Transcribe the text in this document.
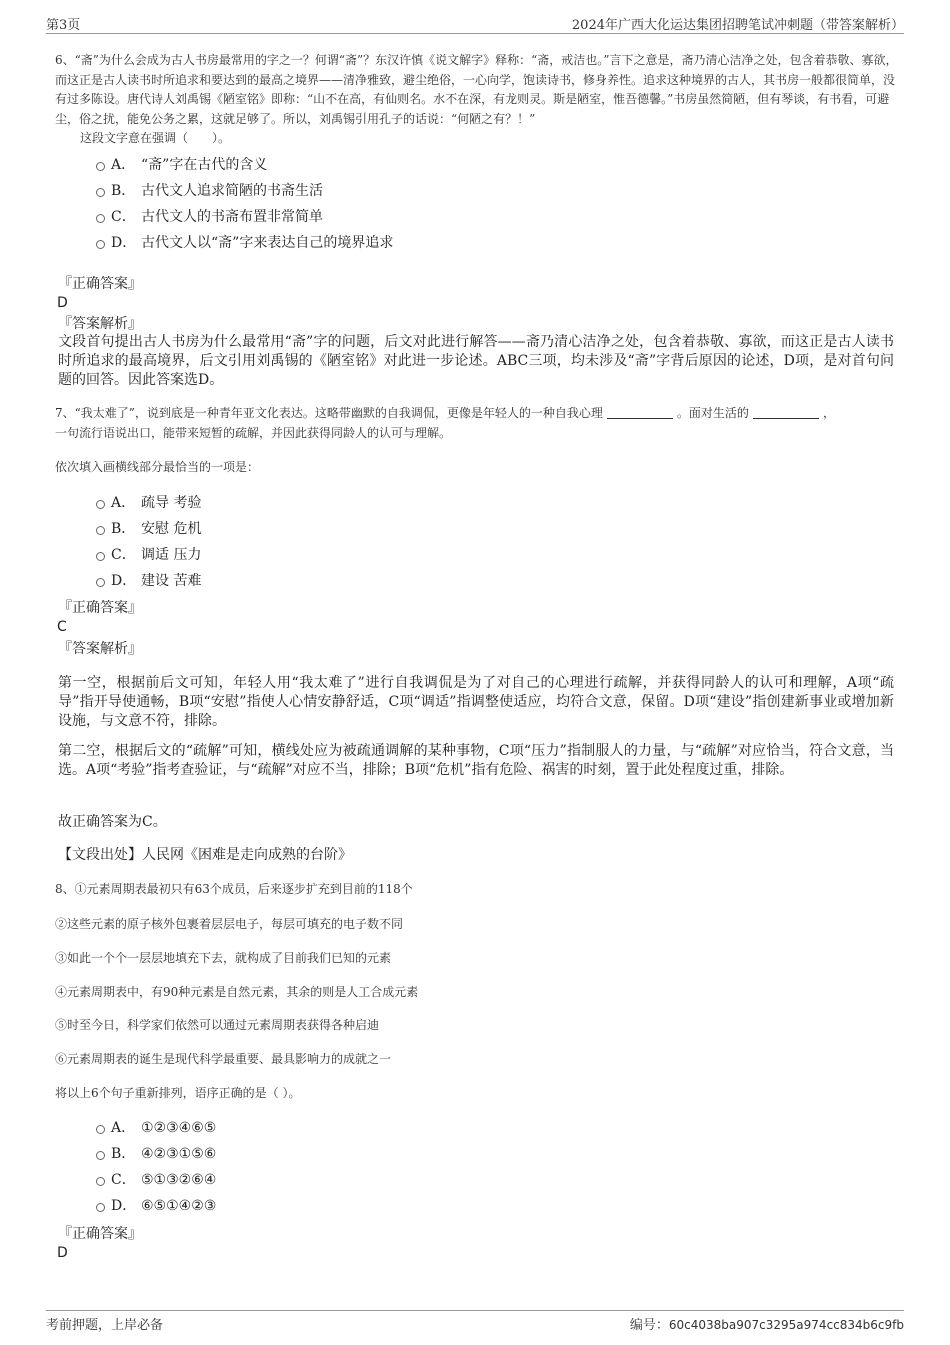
第3页	2024年广西大化运达集团招聘笔试冲刺题（带答案解析）
6、“斋”为什么会成为古人书房最常用的字之一？何谓“斋”？东汉许慎《说文解字》释称：“斋，戒洁也。”言下之意是，斋乃清心洁净之处，包含着恭敬、寡欲，而这正是古人读书时所追求和要达到的最高之境界——清净雅致，避尘绝俗，一心向学，饱读诗书，修身养性。追求这种境界的古人，其书房一般都很简单，没有过多陈设。唐代诗人刘禹锡《陋室铭》即称：“山不在高，有仙则名。水不在深，有龙则灵。斯是陋室，惟吾德馨。”书房虽然简陋，但有琴谈，有书看，可避尘，俗之扰，能免公务之累，这就足够了。所以，刘禹锡引用孔子的话说：“何陋之有？！”
这段文字意在强调（　　）。
A． “斋”字在古代的含义
B． 古代文人追求简陋的书斋生活
C． 古代文人的书斋布置非常简单
D． 古代文人以“斋”字来表达自己的境界追求
『正确答案』
D
『答案解析』
文段首句提出古人书房为什么最常用“斋”字的问题，后文对此进行解答——斋乃清心洁净之处，包含着恭敬、寡欲，而这正是古人读书时所追求的最高境界，后文引用刘禹锡的《陋室铭》对此进一步论述。ABC三项，均未涉及“斋”字背后原因的论述，D项，是对首句问题的回答。因此答案选D。
7、“我太难了”，说到底是一种青年亚文化表达。这略带幽默的自我调侃，更像是年轻人的一种自我心理	。面对生活的	，
一句流行语说出口，能带来短暂的疏解，并因此获得同龄人的认可与理解。
依次填入画横线部分最恰当的一项是：
A． 疏导 考验
B． 安慰 危机
C． 调适 压力
D． 建设 苦难
『正确答案』
C
『答案解析』
第一空，根据前后文可知，年轻人用“我太难了”进行自我调侃是为了对自己的心理进行疏解，并获得同龄人的认可和理解，A项“疏导”指开导使通畅，B项“安慰”指使人心情安静舒适，C项“调适”指调整使适应，均符合文意，保留。D项“建设”指创建新事业或增加新设施，与文意不符，排除。
第二空，根据后文的“疏解”可知，横线处应为被疏通调解的某种事物，C项“压力”指制服人的力量，与“疏解”对应恰当，符合文意，当选。A项“考验”指考查验证，与“疏解”对应不当，排除；B项“危机”指有危险、祸害的时刻，置于此处程度过重，排除。
故正确答案为C。
【文段出处】人民网《困难是走向成熟的台阶》
8、①元素周期表最初只有63个成员，后来逐步扩充到目前的118个
②这些元素的原子核外包裹着层层电子，每层可填充的电子数不同
③如此一个个一层层地填充下去，就构成了目前我们已知的元素
④元素周期表中，有90种元素是自然元素，其余的则是人工合成元素
⑤时至今日，科学家们依然可以通过元素周期表获得各种启迪
⑥元素周期表的诞生是现代科学最重要、最具影响力的成就之一
将以上6个句子重新排列，语序正确的是（ ）。
A． ①②③④⑥⑤
B． ④②③①⑤⑥
C． ⑤①③②⑥④
D． ⑥⑤①④②③
『正确答案』
D
考前押题，上岸必备	编号：60c4038ba907c3295a974cc834b6c9fb
